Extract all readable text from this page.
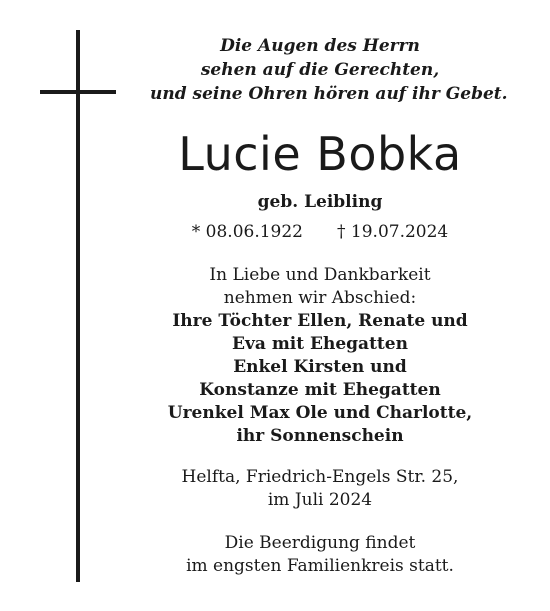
Die Augen des Herrn
sehen auf die Gerechten,
und seine Ohren hören auf ihr Gebet.
Lucie Bobka
geb. Leibling
* 08.06.1922 † 19.07.2024
In Liebe und Dankbarkeit
nehmen wir Abschied:
Ihre Töchter Ellen, Renate und
Eva mit Ehegatten
Enkel Kirsten und
Konstanze mit Ehegatten
Urenkel Max Ole und Charlotte,
ihr Sonnenschein
Helfta, Friedrich-Engels Str. 25,
im Juli 2024
Die Beerdigung findet
im engsten Familienkreis statt.
